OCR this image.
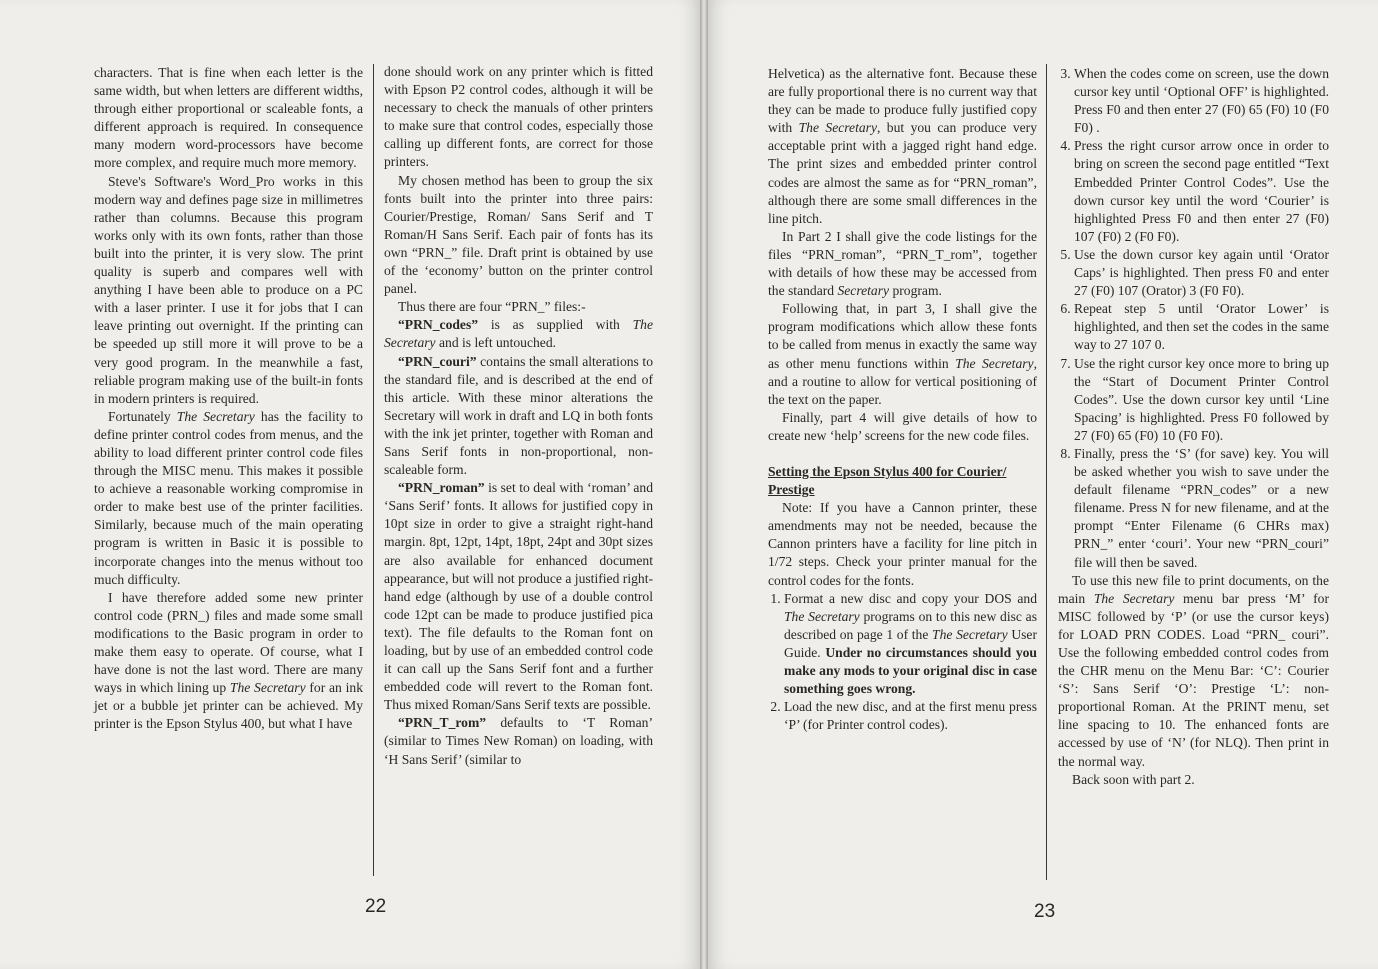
characters. That is fine when each letter is the same width, but when letters are different widths, through either proportional or scaleable fonts, a different approach is required. In consequence many modern word-processors have become more complex, and require much more memory.

Steve's Software's Word_Pro works in this modern way and defines page size in millimetres rather than columns. Because this program works only with its own fonts, rather than those built into the printer, it is very slow. The print quality is superb and compares well with anything I have been able to produce on a PC with a laser printer. I use it for jobs that I can leave printing out overnight. If the printing can be speeded up still more it will prove to be a very good program. In the meanwhile a fast, reliable program making use of the built-in fonts in modern printers is required.

Fortunately The Secretary has the facility to define printer control codes from menus, and the ability to load different printer control code files through the MISC menu. This makes it possible to achieve a reasonable working compromise in order to make best use of the printer facilities. Similarly, because much of the main operating program is written in Basic it is possible to incorporate changes into the menus without too much difficulty.

I have therefore added some new printer control code (PRN_) files and made some small modifications to the Basic program in order to make them easy to operate. Of course, what I have done is not the last word. There are many ways in which lining up The Secretary for an ink jet or a bubble jet printer can be achieved. My printer is the Epson Stylus 400, but what I have

done should work on any printer which is fitted with Epson P2 control codes, although it will be necessary to check the manuals of other printers to make sure that control codes, especially those calling up different fonts, are correct for those printers.

My chosen method has been to group the six fonts built into the printer into three pairs: Courier/Prestige, Roman/ Sans Serif and T Roman/H Sans Serif. Each pair of fonts has its own “PRN_” file. Draft print is obtained by use of the ‘economy’ button on the printer control panel.

Thus there are four “PRN_” files:-

“PRN_codes” is as supplied with The Secretary and is left untouched.

“PRN_couri” contains the small alterations to the standard file, and is described at the end of this article. With these minor alterations the Secretary will work in draft and LQ in both fonts with the ink jet printer, together with Roman and Sans Serif fonts in non-proportional, non-scaleable form.

“PRN_roman” is set to deal with ‘roman’ and ‘Sans Serif’ fonts. It allows for justified copy in 10pt size in order to give a straight right-hand margin. 8pt, 12pt, 14pt, 18pt, 24pt and 30pt sizes are also available for enhanced document appearance, but will not produce a justified right-hand edge (although by use of a double control code 12pt can be made to produce justified pica text). The file defaults to the Roman font on loading, but by use of an embedded control code it can call up the Sans Serif font and a further embedded code will revert to the Roman font. Thus mixed Roman/Sans Serif texts are possible.

“PRN_T_rom” defaults to ‘T Roman’ (similar to Times New Roman) on loading, with ‘H Sans Serif’ (similar to

22

Helvetica) as the alternative font. Because these are fully proportional there is no current way that they can be made to produce fully justified copy with The Secretary, but you can produce very acceptable print with a jagged right hand edge. The print sizes and embedded printer control codes are almost the same as for “PRN_roman”, although there are some small differences in the line pitch.

In Part 2 I shall give the code listings for the files “PRN_roman”, “PRN_T_rom”, together with details of how these may be accessed from the standard Secretary program.

Following that, in part 3, I shall give the program modifications which allow these fonts to be called from menus in exactly the same way as other menu functions within The Secretary, and a routine to allow for vertical positioning of the text on the paper.

Finally, part 4 will give details of how to create new ‘help’ screens for the new code files.

Setting the Epson Stylus 400 for Courier/ Prestige

Note: If you have a Cannon printer, these amendments may not be needed, because the Cannon printers have a facility for line pitch in 1/72 steps. Check your printer manual for the control codes for the fonts.

1. Format a new disc and copy your DOS and The Secretary programs on to this new disc as described on page 1 of the The Secretary User Guide. Under no circumstances should you make any mods to your original disc in case something goes wrong.
2. Load the new disc, and at the first menu press ‘P’ (for Printer control codes).
3. When the codes come on screen, use the down cursor key until ‘Optional OFF’ is highlighted. Press F0 and then enter 27 (F0) 65 (F0) 10 (F0 F0) .
4. Press the right cursor arrow once in order to bring on screen the second page entitled “Text Embedded Printer Control Codes”. Use the down cursor key until the word ‘Courier’ is highlighted Press F0 and then enter 27 (F0) 107 (F0) 2 (F0 F0).
5. Use the down cursor key again until ‘Orator Caps’ is highlighted. Then press F0 and enter 27 (F0) 107 (Orator) 3 (F0 F0).
6. Repeat step 5 until ‘Orator Lower’ is highlighted, and then set the codes in the same way to 27 107 0.
7. Use the right cursor key once more to bring up the “Start of Document Printer Control Codes”. Use the down cursor key until ‘Line Spacing’ is highlighted. Press F0 followed by 27 (F0) 65 (F0) 10 (F0 F0).
8. Finally, press the ‘S’ (for save) key. You will be asked whether you wish to save under the default filename “PRN_codes” or a new filename. Press N for new filename, and at the prompt “Enter Filename (6 CHRs max) PRN_” enter ‘couri’. Your new “PRN_couri” file will then be saved.

To use this new file to print documents, on the main The Secretary menu bar press ‘M’ for MISC followed by ‘P’ (or use the cursor keys) for LOAD PRN CODES. Load “PRN_ couri”. Use the following embedded control codes from the CHR menu on the Menu Bar: ‘C’: Courier ‘S’: Sans Serif ‘O’: Prestige ‘L’: non-proportional Roman. At the PRINT menu, set line spacing to 10. The enhanced fonts are accessed by use of ‘N’ (for NLQ). Then print in the normal way.

Back soon with part 2.

23
